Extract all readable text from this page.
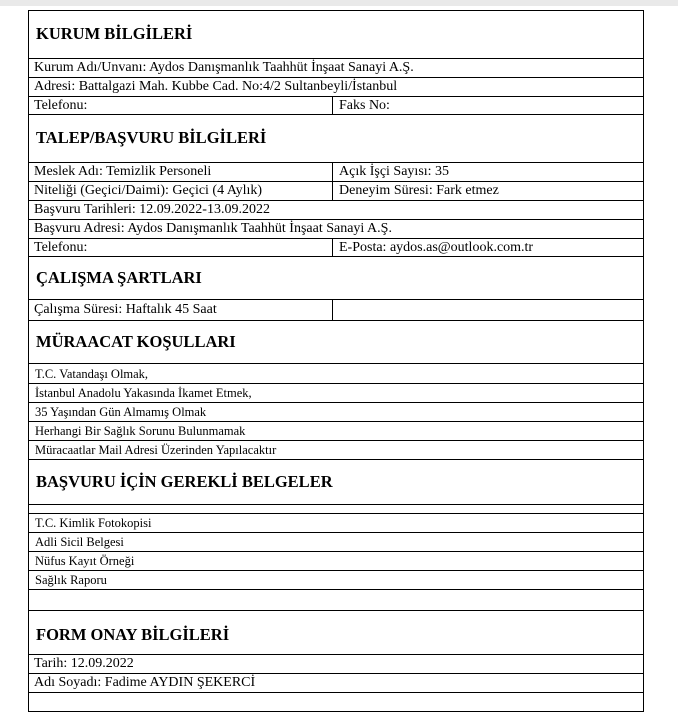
KURUM BİLGİLERİ
Kurum Adı/Unvanı: Aydos Danışmanlık Taahhüt İnşaat Sanayi A.Ş.
Adresi: Battalgazi Mah. Kubbe Cad. No:4/2 Sultanbeyli/İstanbul
Telefonu:	Faks No:
TALEP/BAŞVURU BİLGİLERİ
Meslek Adı: Temizlik Personeli	Açık İşçi Sayısı: 35
Niteliği (Geçici/Daimi): Geçici (4 Aylık)	Deneyim Süresi: Fark etmez
Başvuru Tarihleri: 12.09.2022-13.09.2022
Başvuru Adresi: Aydos Danışmanlık Taahhüt İnşaat Sanayi A.Ş.
Telefonu:	E-Posta: aydos.as@outlook.com.tr
ÇALIŞMA ŞARTLARI
Çalışma Süresi: Haftalık 45 Saat
MÜRAACAT KOŞULLARI
T.C. Vatandaşı Olmak,
İstanbul Anadolu Yakasında İkamet Etmek,
35 Yaşından Gün Almamış Olmak
Herhangi Bir Sağlık Sorunu Bulunmamak
Müracaatlar Mail Adresi Üzerinden Yapılacaktır
BAŞVURU İÇİN GEREKLİ BELGELER
T.C. Kimlik Fotokopisi
Adli Sicil Belgesi
Nüfus Kayıt Örneği
Sağlık Raporu
FORM ONAY BİLGİLERİ
Tarih: 12.09.2022
Adı Soyadı: Fadime AYDIN ŞEKERCİ
